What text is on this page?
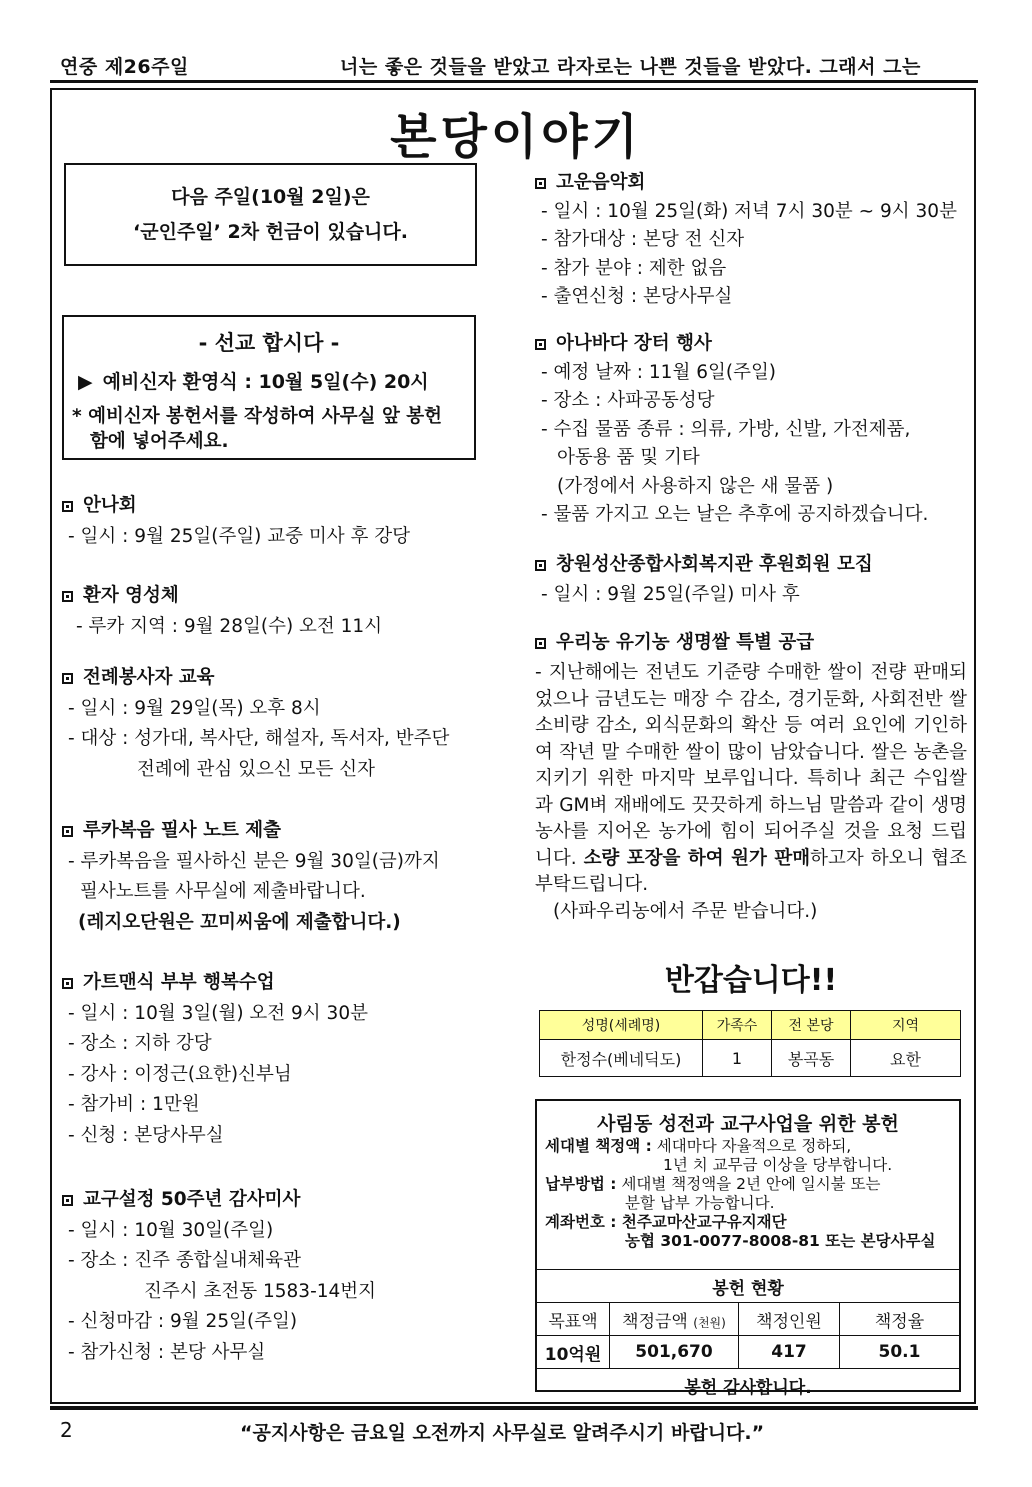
연중 제26주일	너는 좋은 것들을 받았고 라자로는 나쁜 것들을 받았다. 그래서 그는
본당이야기
다음 주일(10월 2일)은
‘군인주일’ 2차 헌금이 있습니다.
- 선교 합시다 -
▶ 예비신자 환영식 : 10월 5일(수) 20시
* 예비신자 봉헌서를 작성하여 사무실 앞 봉헌
함에 넣어주세요.
안나회
- 일시 : 9월 25일(주일) 교중 미사 후 강당
환자 영성체
- 루카 지역 : 9월 28일(수) 오전 11시
전례봉사자 교육
- 일시 : 9월 29일(목) 오후 8시
- 대상 : 성가대, 복사단, 해설자, 독서자, 반주단
전례에 관심 있으신 모든 신자
루카복음 필사 노트 제출
- 루카복음을 필사하신 분은 9월 30일(금)까지
필사노트를 사무실에 제출바랍니다.
(레지오단원은 꼬미씨움에 제출합니다.)
가트맨식 부부 행복수업
- 일시 : 10월 3일(월) 오전 9시 30분
- 장소 : 지하 강당
- 강사 : 이정근(요한)신부님
- 참가비 : 1만원
- 신청 : 본당사무실
교구설정 50주년 감사미사
- 일시 : 10월 30일(주일)
- 장소 : 진주 종합실내체육관
진주시 초전동 1583-14번지
- 신청마감 : 9월 25일(주일)
- 참가신청 : 본당 사무실
고운음악회
- 일시 : 10월 25일(화) 저녁 7시 30분 ~ 9시 30분
- 참가대상 : 본당 전 신자
- 참가 분야 : 제한 없음
- 출연신청 : 본당사무실
아나바다 장터 행사
- 예정 날짜 : 11월 6일(주일)
- 장소 : 사파공동성당
- 수집 물품 종류 : 의류, 가방, 신발, 가전제품,
아동용 품 및 기타
(가정에서 사용하지 않은 새 물품 )
- 물품 가지고 오는 날은 추후에 공지하겠습니다.
창원성산종합사회복지관 후원회원 모집
- 일시 : 9월 25일(주일) 미사 후
우리농 유기농 생명쌀 특별 공급
- 지난해에는 전년도 기준량 수매한 쌀이 전량 판매되었으나 금년도는 매장 수 감소, 경기둔화, 사회전반 쌀소비량 감소, 외식문화의 확산 등 여러 요인에 기인하여 작년 말 수매한 쌀이 많이 남았습니다. 쌀은 농촌을 지키기 위한 마지막 보루입니다. 특히나 최근 수입쌀과 GM벼 재배에도 끗끗하게 하느님 말씀과 같이 생명농사를 지어온 농가에 힘이 되어주실 것을 요청 드립니다. 소량 포장을 하여 원가 판매하고자 하오니 협조 부탁드립니다.
(사파우리농에서 주문 받습니다.)
반갑습니다!!
성명(세례명)	가족수	전 본당	지역
한정수(베네딕도)	1	봉곡동	요한
사림동 성전과 교구사업을 위한 봉헌
세대별 책정액 : 세대마다 자율적으로 정하되,
1년 치 교무금 이상을 당부합니다.
납부방법 : 세대별 책정액을 2년 안에 일시불 또는
분할 납부 가능합니다.
계좌번호 : 천주교마산교구유지재단
농협 301-0077-8008-81 또는 본당사무실
봉헌 현황			
목표액	책정금액 (천원)	책정인원	책정율
10억원	501,670	417	50.1
봉헌 감사합니다.			
2	“공지사항은 금요일 오전까지 사무실로 알려주시기 바랍니다.”
